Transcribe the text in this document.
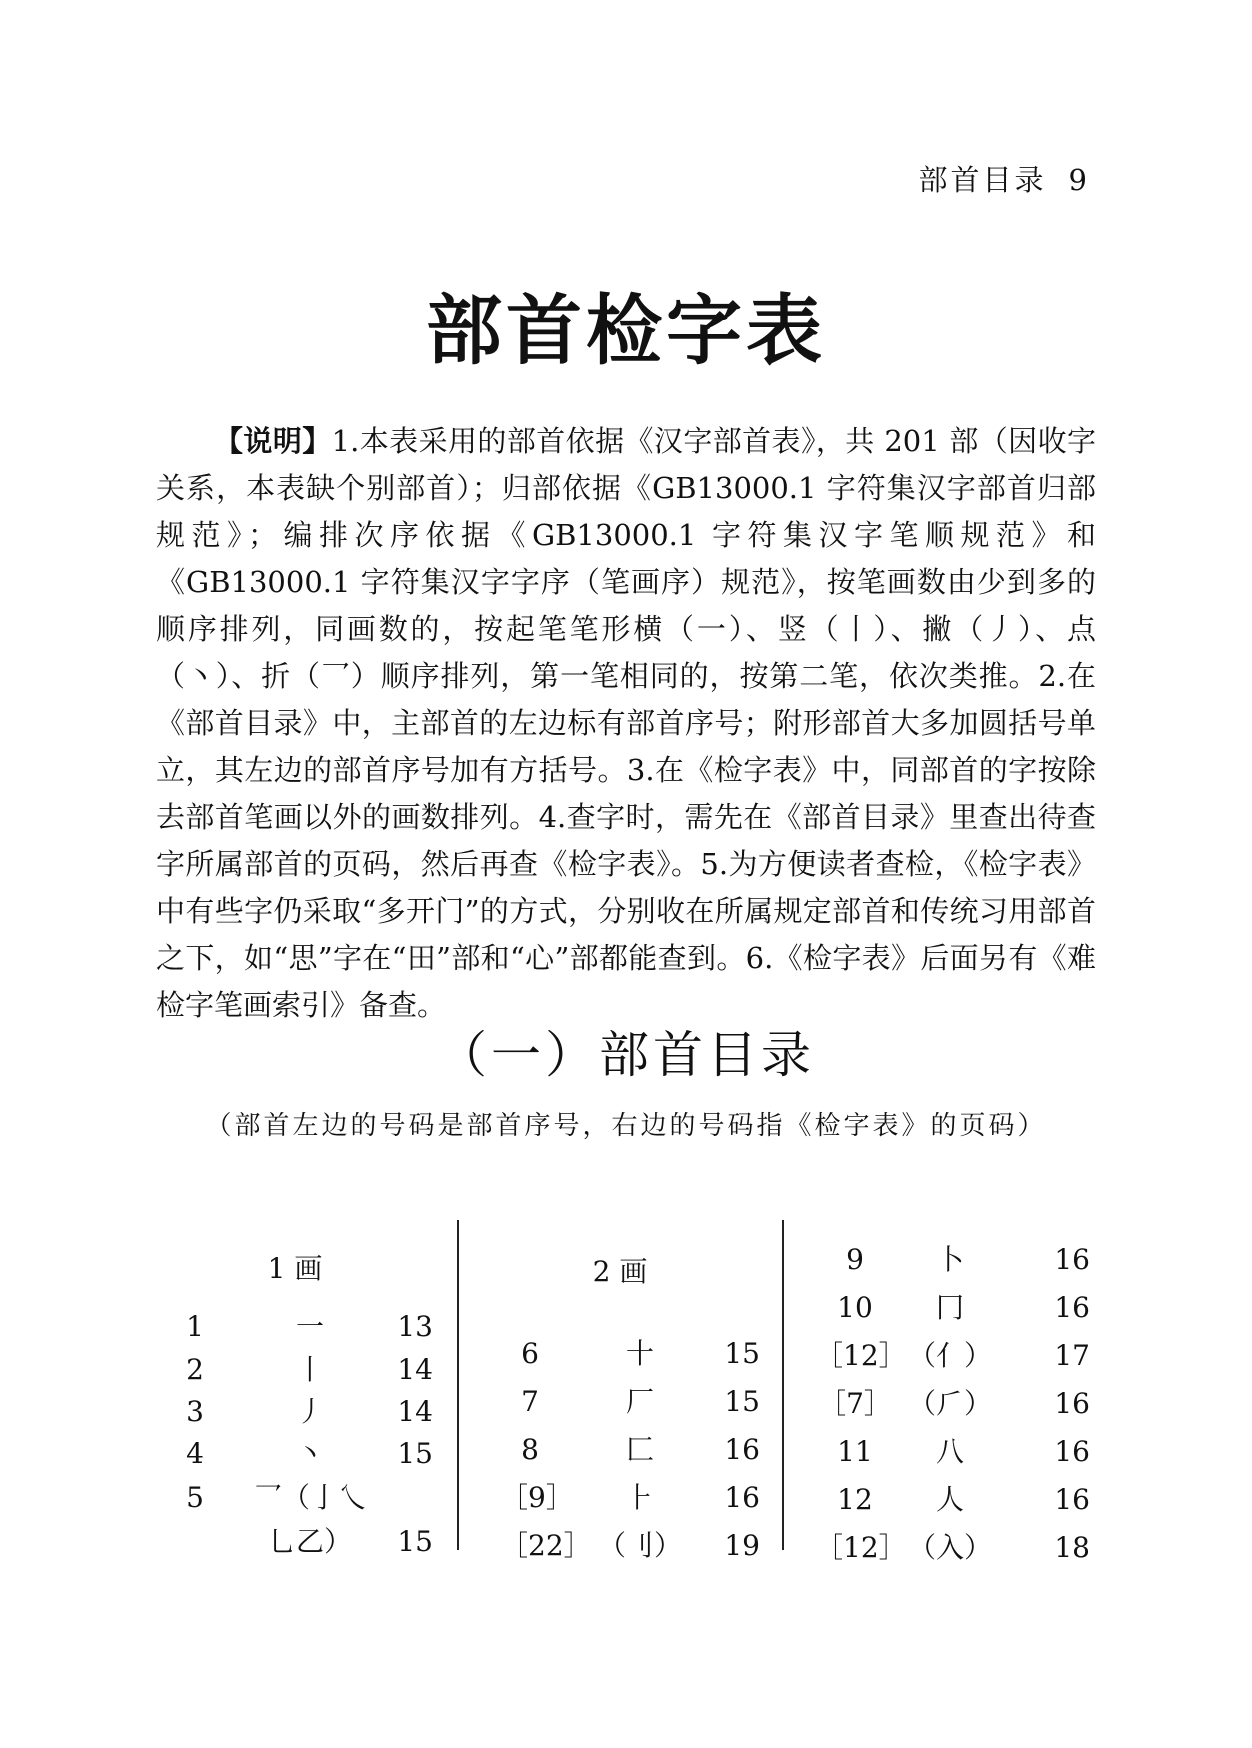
部首目录 9
部首检字表

【说明】1.本表采用的部首依据《汉字部首表》，共 201 部（因收字关系，本表缺个别部首）；归部依据《GB13000.1 字符集汉字部首归部规范》；编排次序依据《GB13000.1 字符集汉字笔顺规范》和《GB13000.1 字符集汉字字序（笔画序）规范》，按笔画数由少到多的顺序排列，同画数的，按起笔笔形横（一）、竖（丨）、撇（丿）、点（丶）、折（乛）顺序排列，第一笔相同的，按第二笔，依次类推。2.在《部首目录》中，主部首的左边标有部首序号；附形部首大多加圆括号单立，其左边的部首序号加有方括号。3.在《检字表》中，同部首的字按除去部首笔画以外的画数排列。4.查字时，需先在《部首目录》里查出待查字所属部首的页码，然后再查《检字表》。5.为方便读者查检，《检字表》中有些字仍采取“多开门”的方式，分别收在所属规定部首和传统习用部首之下，如“思”字在“田”部和“心”部都能查到。6.《检字表》后面另有《难检字笔画索引》备查。

（一）部首目录
（部首左边的号码是部首序号，右边的号码指《检字表》的页码）
1 画	2 画
1	一	13
2	丨	14
3	丿	14
4	丶	15
5	乛（亅乀
乚乙）	15
6	十	15
7	厂	15
8	匚	16
［9］	⺊	16
［22］ （刂）	19
9	卜	16
10	冂	16
［12］ （亻）	17
［7］ （⺁）	16
11	八	16
12	人	16
［12］ （入）	18
